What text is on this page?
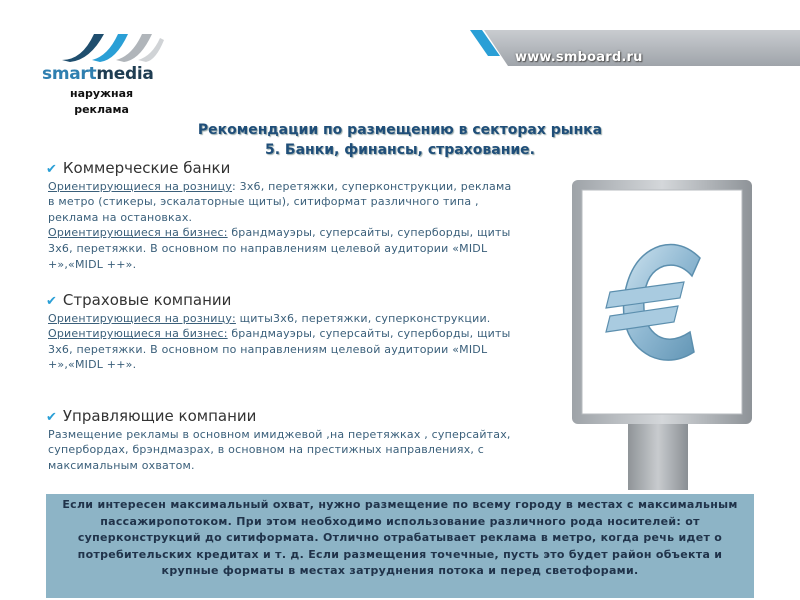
www.smboard.ru
smartmedia
наружная
реклама
Рекомендации по размещению в секторах рынка
5. Банки, финансы, страхование.
✔ Коммерческие банки
Ориентирующиеся на розницу: 3х6, перетяжки, суперконструкции, реклама в метро (стикеры, эскалаторные щиты), ситиформат различного типа , реклама на остановках.
Ориентирующиеся на бизнес: брандмауэры, суперсайты, суперборды, щиты 3х6, перетяжки. В основном по направлениям целевой аудитории «MIDL +»,«MIDL ++».
✔ Страховые компании
Ориентирующиеся на розницу: щиты3х6, перетяжки, суперконструкции.
Ориентирующиеся на бизнес: брандмауэры, суперсайты, суперборды, щиты 3х6, перетяжки. В основном по направлениям целевой аудитории «MIDL +»,«MIDL ++».
✔ Управляющие компании
Размещение рекламы в основном имиджевой ,на перетяжках , суперсайтах, супербордах, брэндмазрах, в основном на престижных направлениях, с максимальным охватом.

Если интересен максимальный охват, нужно размещение по всему городу в местах с максимальным пассажиропотоком. При этом необходимо использование различного рода носителей: от суперконструкций до ситиформата. Отлично отрабатывает реклама в метро, когда речь идет о потребительских кредитах и т. д. Если размещения точечные, пусть это будет район объекта и крупные форматы в местах затруднения потока и перед светофорами.
